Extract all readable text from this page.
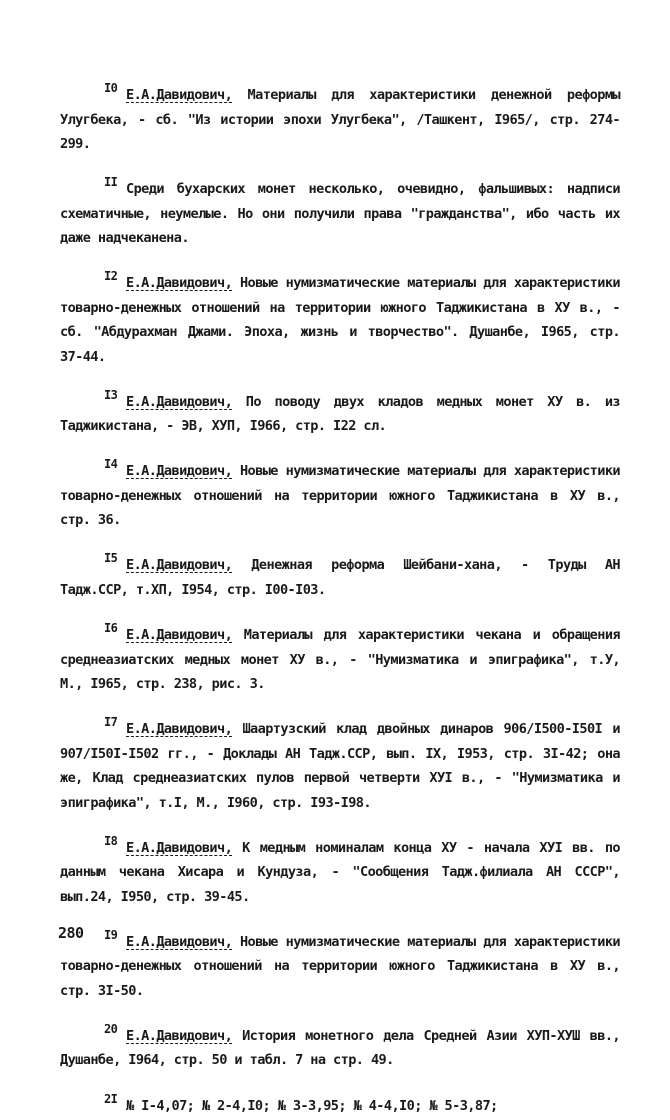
I0 Е.А.Давидович, Материалы для характеристики денежной реформы Улугбека, - сб. "Из истории эпохи Улугбека", /Ташкент, I965/, стр. 274-299.

II Среди бухарских монет несколько, очевидно, фальшивых: надписи схематичные, неумелые. Но они получили права "гражданства", ибо часть их даже надчеканена.

I2 Е.А.Давидович, Новые нумизматические материалы для характеристики товарно-денежных отношений на территории южного Таджикистана в ХУ в., - сб. "Абдурахман Джами. Эпоха, жизнь и творчество". Душанбе, I965, стр. 37-44.

I3 Е.А.Давидович, По поводу двух кладов медных монет ХУ в. из Таджикистана, - ЭВ, ХУП, I966, стр. I22 сл.

I4 Е.А.Давидович, Новые нумизматические материалы для характеристики товарно-денежных отношений на территории южного Таджикистана в ХУ в., стр. 36.

I5 Е.А.Давидович, Денежная реформа Шейбани-хана, - Труды АН Тадж.ССР, т.ХП, I954, стр. I00-I03.

I6 Е.А.Давидович, Материалы для характеристики чекана и обращения среднеазиатских медных монет ХУ в., - "Нумизматика и эпиграфика", т.У, М., I965, стр. 238, рис. 3.

I7 Е.А.Давидович, Шаартузский клад двойных динаров 906/I500-I50I и 907/I50I-I502 гг., - Доклады АН Тадж.ССР, вып. IX, I953, стр. 3I-42; она же, Клад среднеазиатских пулов первой четверти ХУI в., - "Нумизматика и эпиграфика", т.I, М., I960, стр. I93-I98.

I8 Е.А.Давидович, К медным номиналам конца ХУ - начала ХУI вв. по данным чекана Хисара и Кундуза, - "Сообщения Тадж.филиала АН СССР", вып.24, I950, стр. 39-45.

I9 Е.А.Давидович, Новые нумизматические материалы для характеристики товарно-денежных отношений на территории южного Таджикистана в ХУ в., стр. 3I-50.

20 Е.А.Давидович, История монетного дела Средней Азии ХУП-ХУШ вв., Душанбе, I964, стр. 50 и табл. 7 на стр. 49.

2I № I-4,07; № 2-4,I0; № 3-3,95; № 4-4,I0; № 5-3,87;

280
